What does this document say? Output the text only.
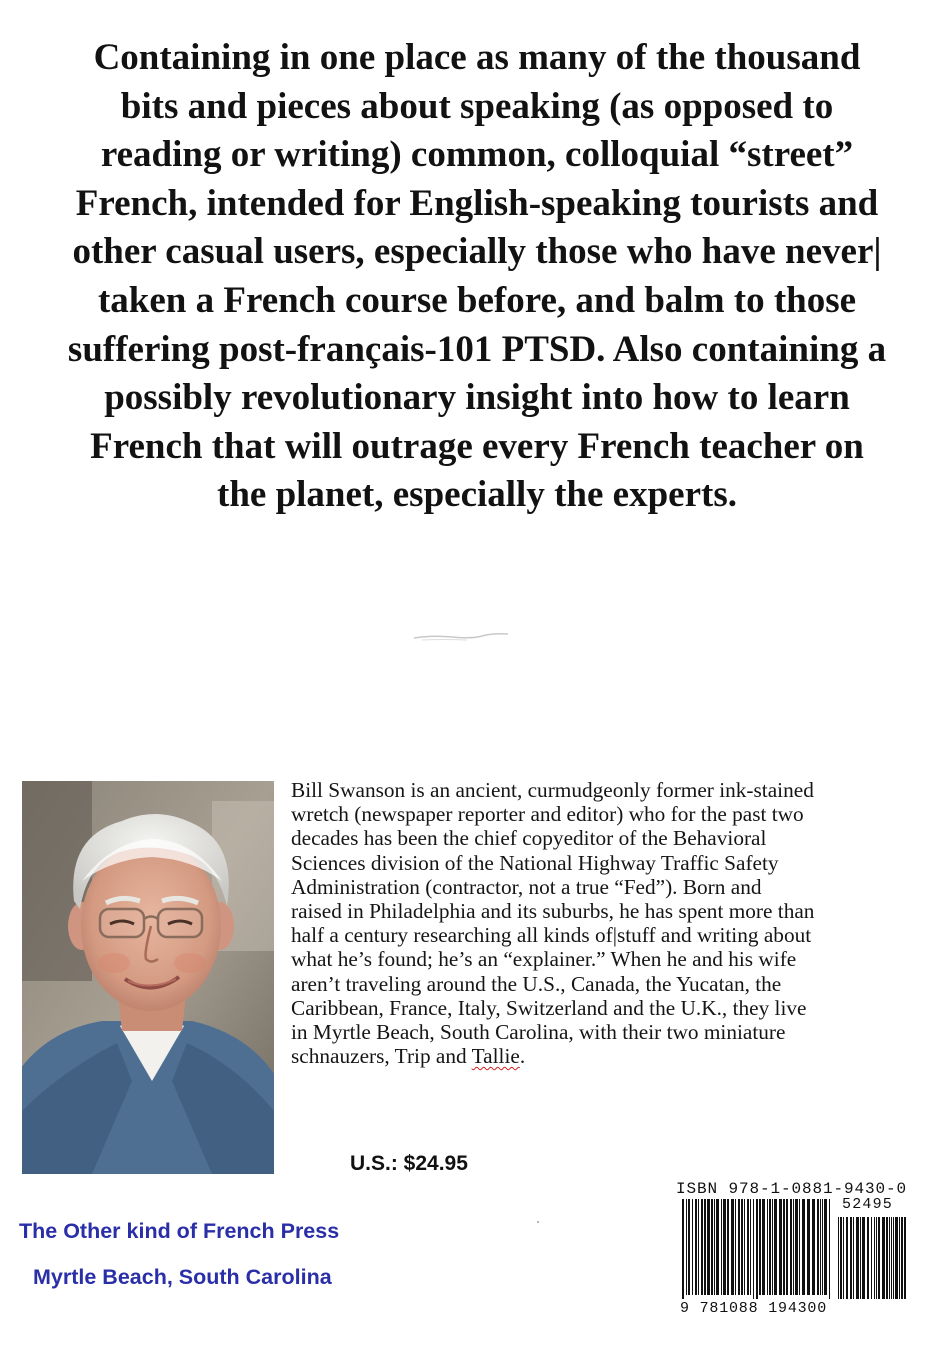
Containing in one place as many of the thousand
bits and pieces about speaking (as opposed to
reading or writing) common, colloquial “street”
French, intended for English-speaking tourists and
other casual users, especially those who have never|
taken a French course before, and balm to those
suffering post-français-101 PTSD. Also containing a
possibly revolutionary insight into how to learn
French that will outrage every French teacher on
the planet, especially the experts.

Bill Swanson is an ancient, curmudgeonly former ink-stained
wretch (newspaper reporter and editor) who for the past two
decades has been the chief copyeditor of the Behavioral
Sciences division of the National Highway Traffic Safety
Administration (contractor, not a true “Fed”). Born and
raised in Philadelphia and its suburbs, he has spent more than
half a century researching all kinds of|stuff and writing about
what he’s found; he’s an “explainer.” When he and his wife
aren’t traveling around the U.S., Canada, the Yucatan, the
Caribbean, France, Italy, Switzerland and the U.K., they live
in Myrtle Beach, South Carolina, with their two miniature
schnauzers, Trip and Tallie.

U.S.: $24.95
The Other kind of French Press
Myrtle Beach, South Carolina
ISBN 978-1-0881-9430-0
52495
9 781088 194300
